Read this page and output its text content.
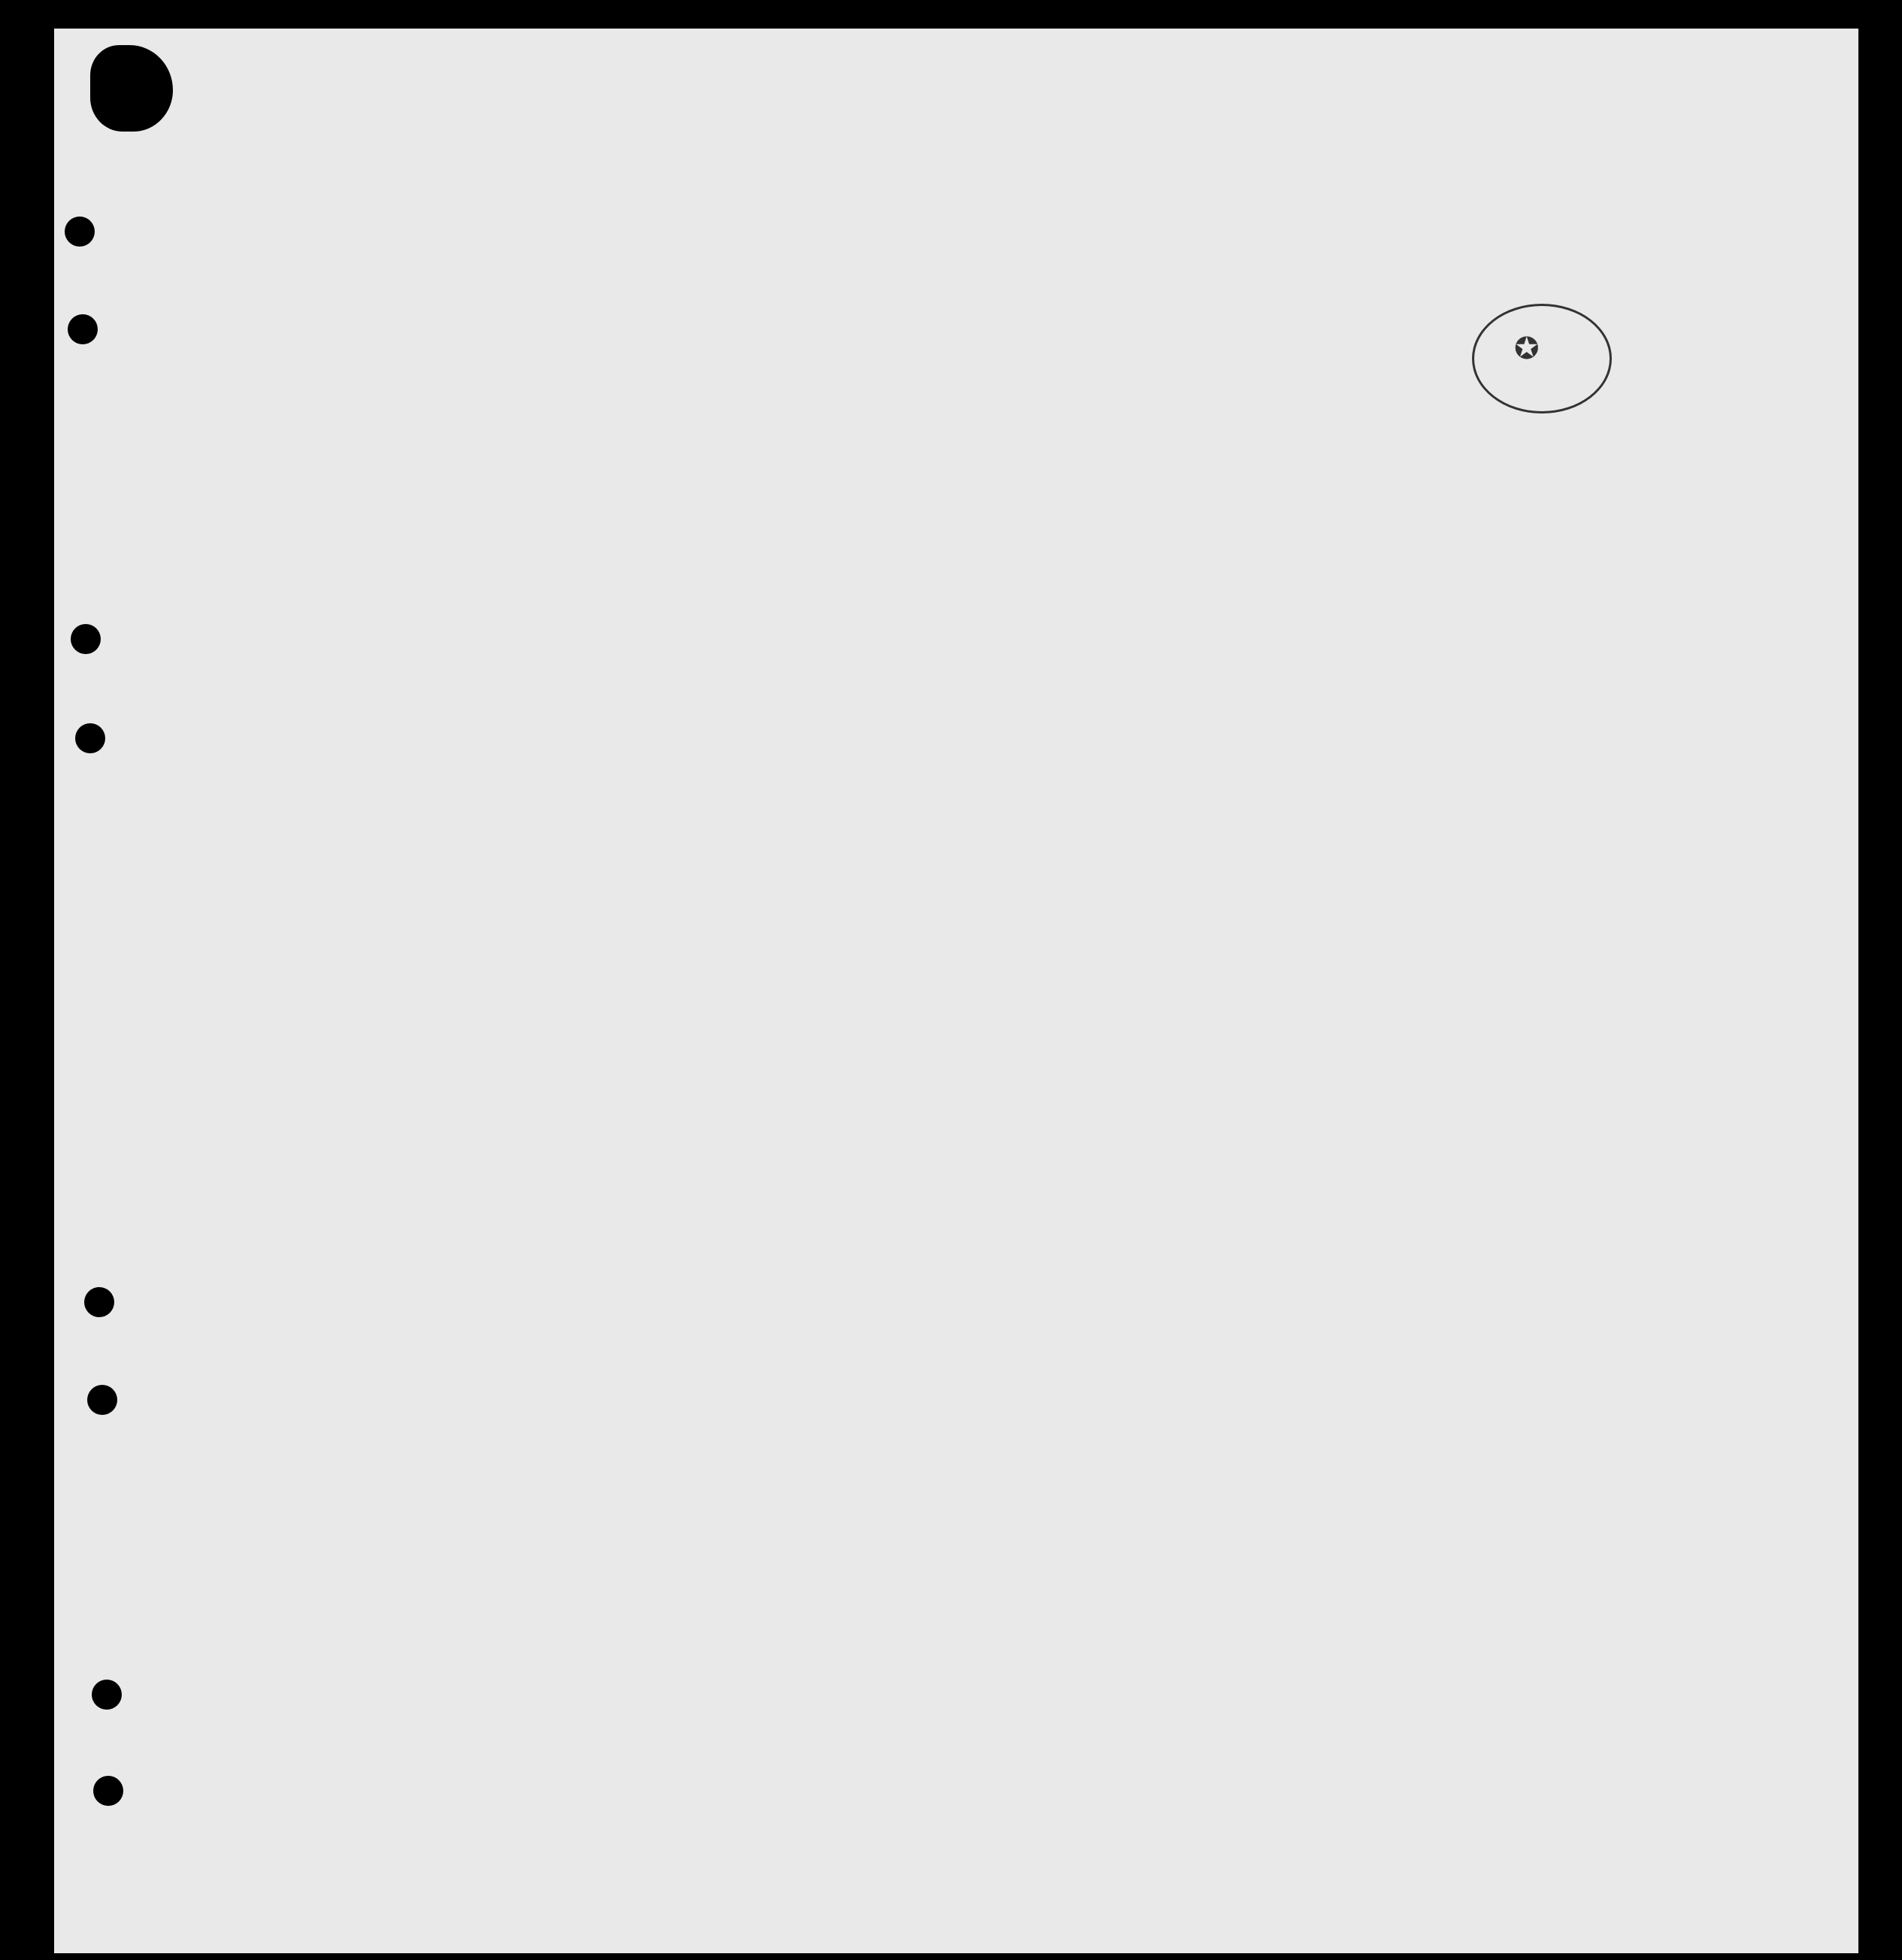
✪
